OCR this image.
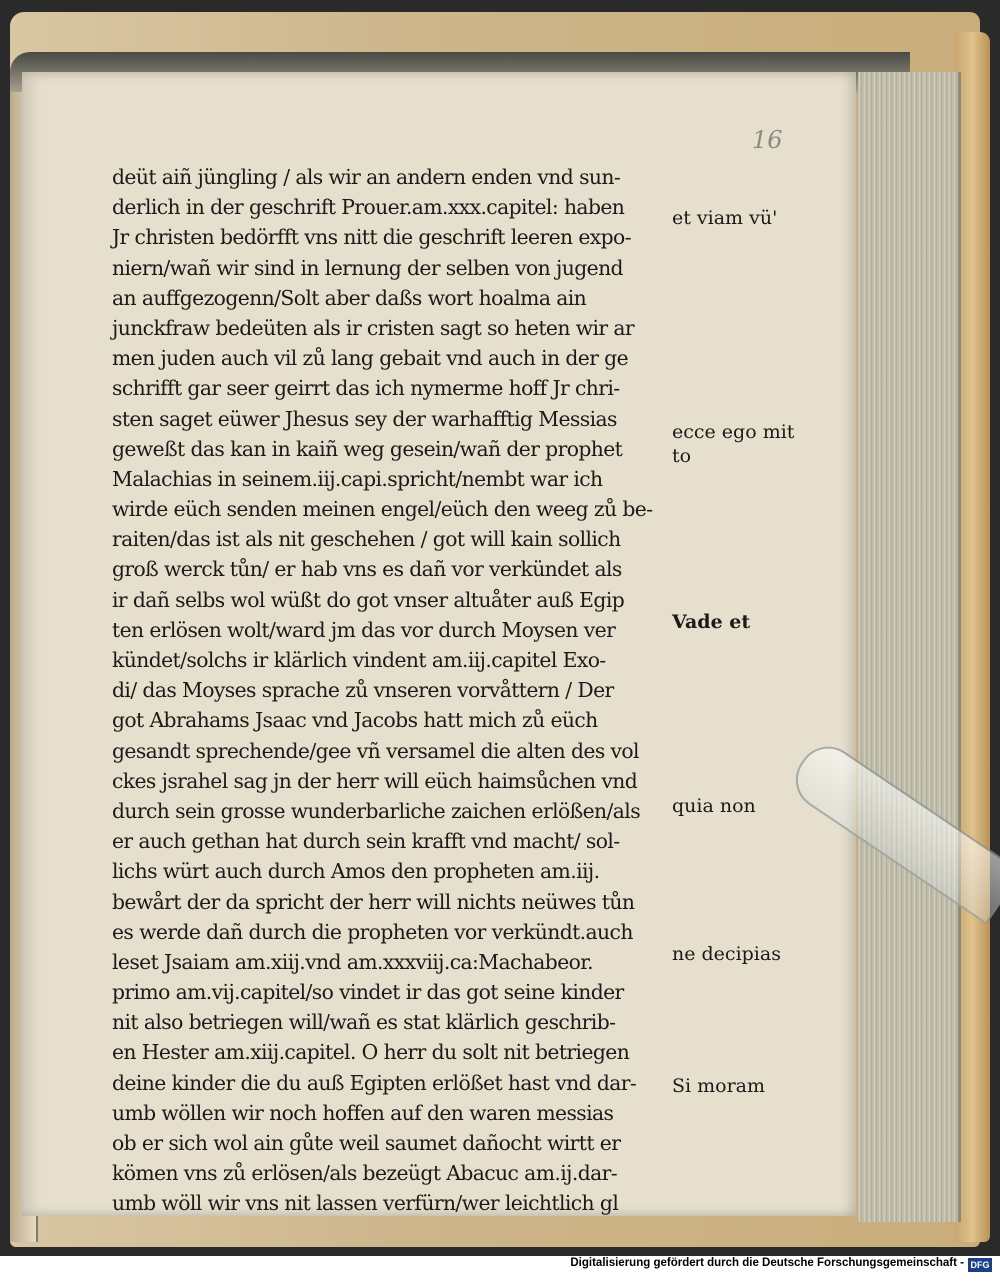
16
deüt aiñ jüngling / als wir an andern enden vnd sun-
derlich in der geschrift Prouer.am.xxx.capitel: haben
Jr christen bedörfft vns nitt die geschrift leeren expo-
niern/wañ wir sind in lernung der selben von jugend
an auffgezogenn/Solt aber daßs wort hoalma ain
junckfraw bedeüten als ir cristen sagt so heten wir ar
men juden auch vil zů lang gebait vnd auch in der ge
schrifft gar seer geirrt das ich nymerme hoff Jr chri-
sten saget eüwer Jhesus sey der warhafftig Messias
geweßt das kan in kaiñ weg gesein/wañ der prophet
Malachias in seinem.iij.capi.spricht/nembt war ich
wirde eüch senden meinen engel/eüch den weeg zů be-
raiten/das ist als nit geschehen / got will kain sollich
groß werck tůn/ er hab vns es dañ vor verkündet als
ir dañ selbs wol wüßt do got vnser altuåter auß Egip
ten erlösen wolt/ward jm das vor durch Moysen ver
kündet/solchs ir klärlich vindent am.iij.capitel Exo-
di/ das Moyses sprache zů vnseren vorvåttern / Der
got Abrahams Jsaac vnd Jacobs hatt mich zů eüch
gesandt sprechende/gee vñ versamel die alten des vol
ckes jsrahel sag jn der herr will eüch haimsůchen vnd
durch sein grosse wunderbarliche zaichen erlößen/als
er auch gethan hat durch sein krafft vnd macht/ sol-
lichs würt auch durch Amos den propheten am.iij.
bewårt der da spricht der herr will nichts neüwes tůn
es werde dañ durch die propheten vor verkündt.auch
leset Jsaiam am.xiij.vnd am.xxxviij.ca:Machabeor.
primo am.vij.capitel/so vindet ir das got seine kinder
nit also betriegen will/wañ es stat klärlich geschrib-
en Hester am.xiij.capitel. O herr du solt nit betriegen
deine kinder die du auß Egipten erlößet hast vnd dar-
umb wöllen wir noch hoffen auf den waren messias
ob er sich wol ain gůte weil saumet dañocht wirtt er
kömen vns zů erlösen/als bezeügt Abacuc am.ij.dar-
umb wöll wir vns nit lassen verfürn/wer leichtlich gl
et viam vü'
ecce ego mit
to
Vade et
quia non
ne decipias
Si moram
Digitalisierung gefördert durch die Deutsche Forschungsgemeinschaft - DFG
